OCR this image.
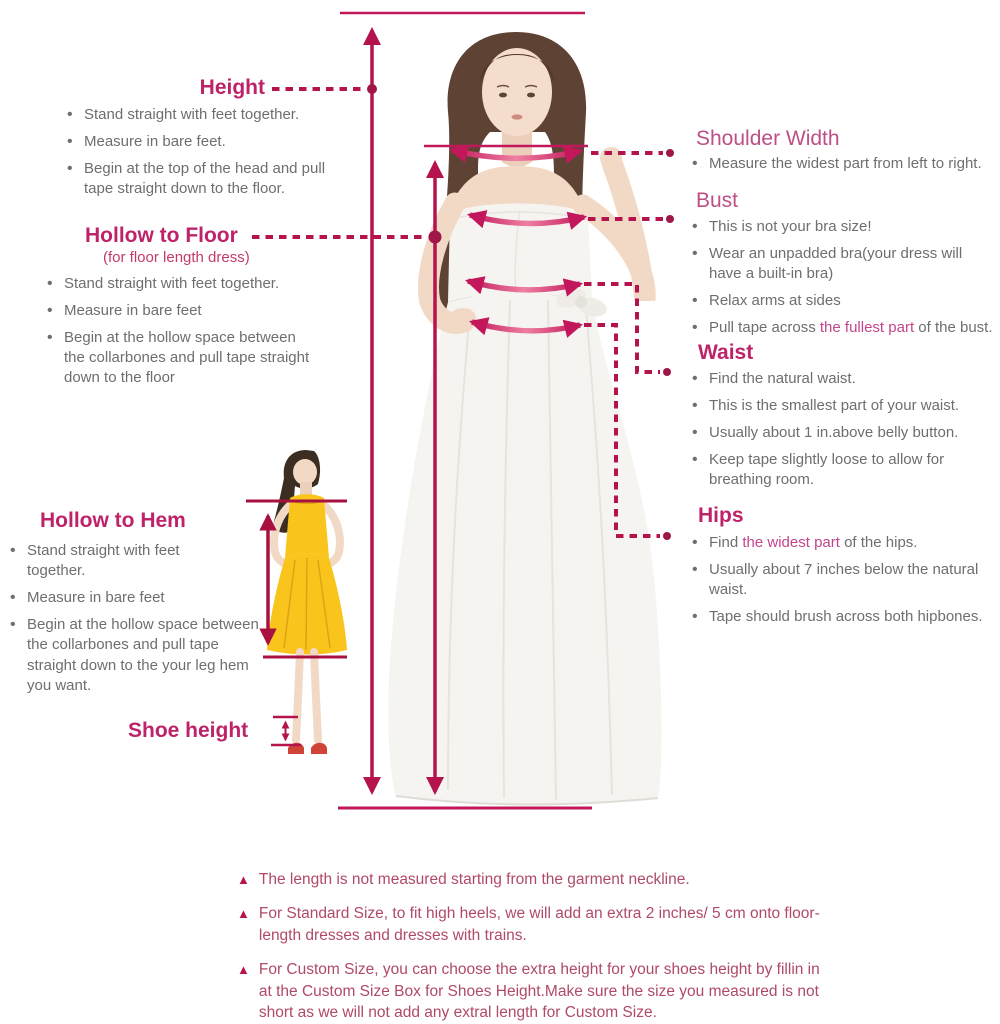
Height
• Stand straight with feet together.
• Measure in bare feet.
• Begin at the top of the head and pull tape straight down to the floor.
Hollow to Floor
(for floor length dress)
• Stand straight with feet together.
• Measure in bare feet
• Begin at the hollow space between the collarbones and pull tape straight down to the floor
Hollow to Hem
• Stand straight with feet together.
• Measure in bare feet
• Begin at the hollow space between the collarbones and pull tape straight down to the your leg hem you want.
Shoe height
Shoulder Width
• Measure the widest part from left to right.
Bust
• This is not your bra size!
• Wear an unpadded bra(your dress will have a built-in bra)
• Relax arms at sides
• Pull tape across the fullest part of the bust.
Waist
• Find the natural waist.
• This is the smallest part of your waist.
• Usually about 1 in.above belly button.
• Keep tape slightly loose to allow for breathing room.
Hips
• Find the widest part of the hips.
• Usually about 7 inches below the natural waist.
• Tape should brush across both hipbones.
▲ The length is not measured starting from the garment neckline.
▲ For Standard Size, to fit high heels, we will add an extra 2 inches/ 5 cm onto floor-length dresses and dresses with trains.
▲ For Custom Size, you can choose the extra height for your shoes height by fillin in at the Custom Size Box for Shoes Height.Make sure the size you measured is not short as we will not add any extral length for Custom Size.
